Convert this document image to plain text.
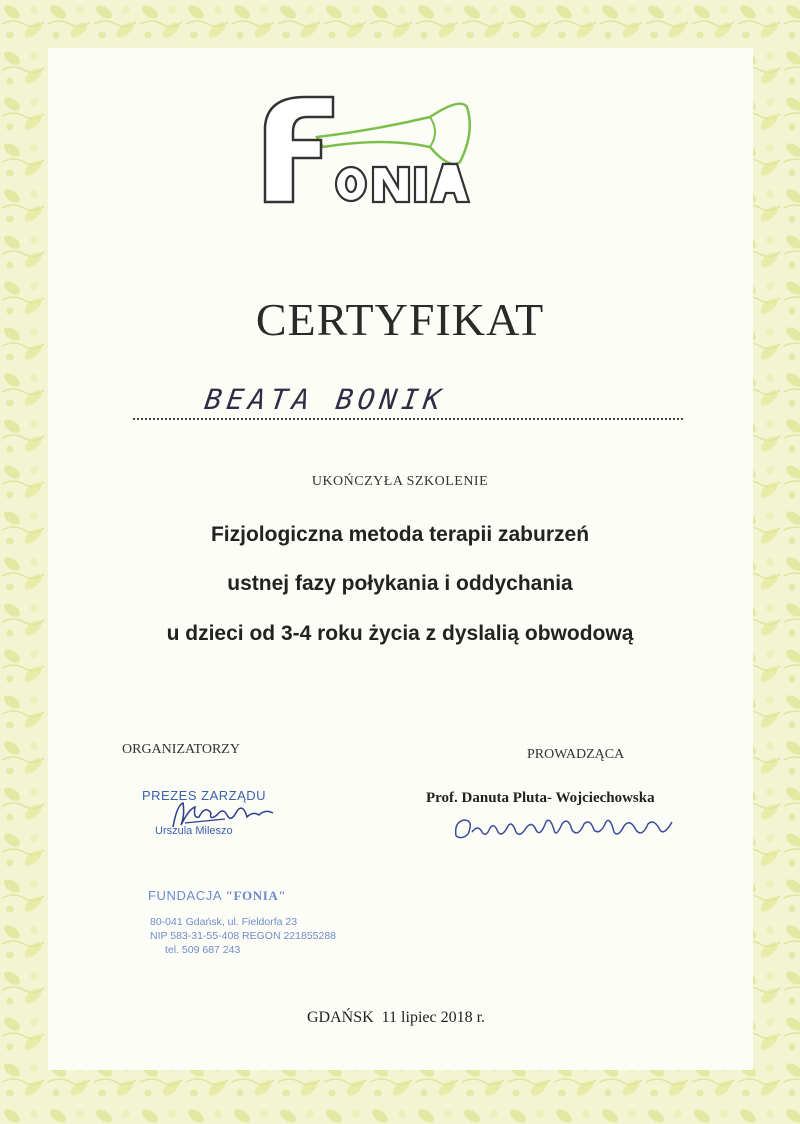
CERTYFIKAT
BEATA BONIK
UKOŃCZYŁA SZKOLENIE
Fizjologiczna metoda terapii zaburzeń
ustnej fazy połykania i oddychania
u dzieci od 3-4 roku życia z dyslalią obwodową
ORGANIZATORZY	PROWADZĄCA
PREZES ZARZĄDU
Urszula Mileszo
Prof. Danuta Pluta- Wojciechowska
FUNDACJA "FONIA"
80-041 Gdańsk, ul. Fieldorfa 23
NIP 583-31-55-408 REGON 221855288
tel. 509 687 243
GDAŃSK 11 lipiec 2018 r.
